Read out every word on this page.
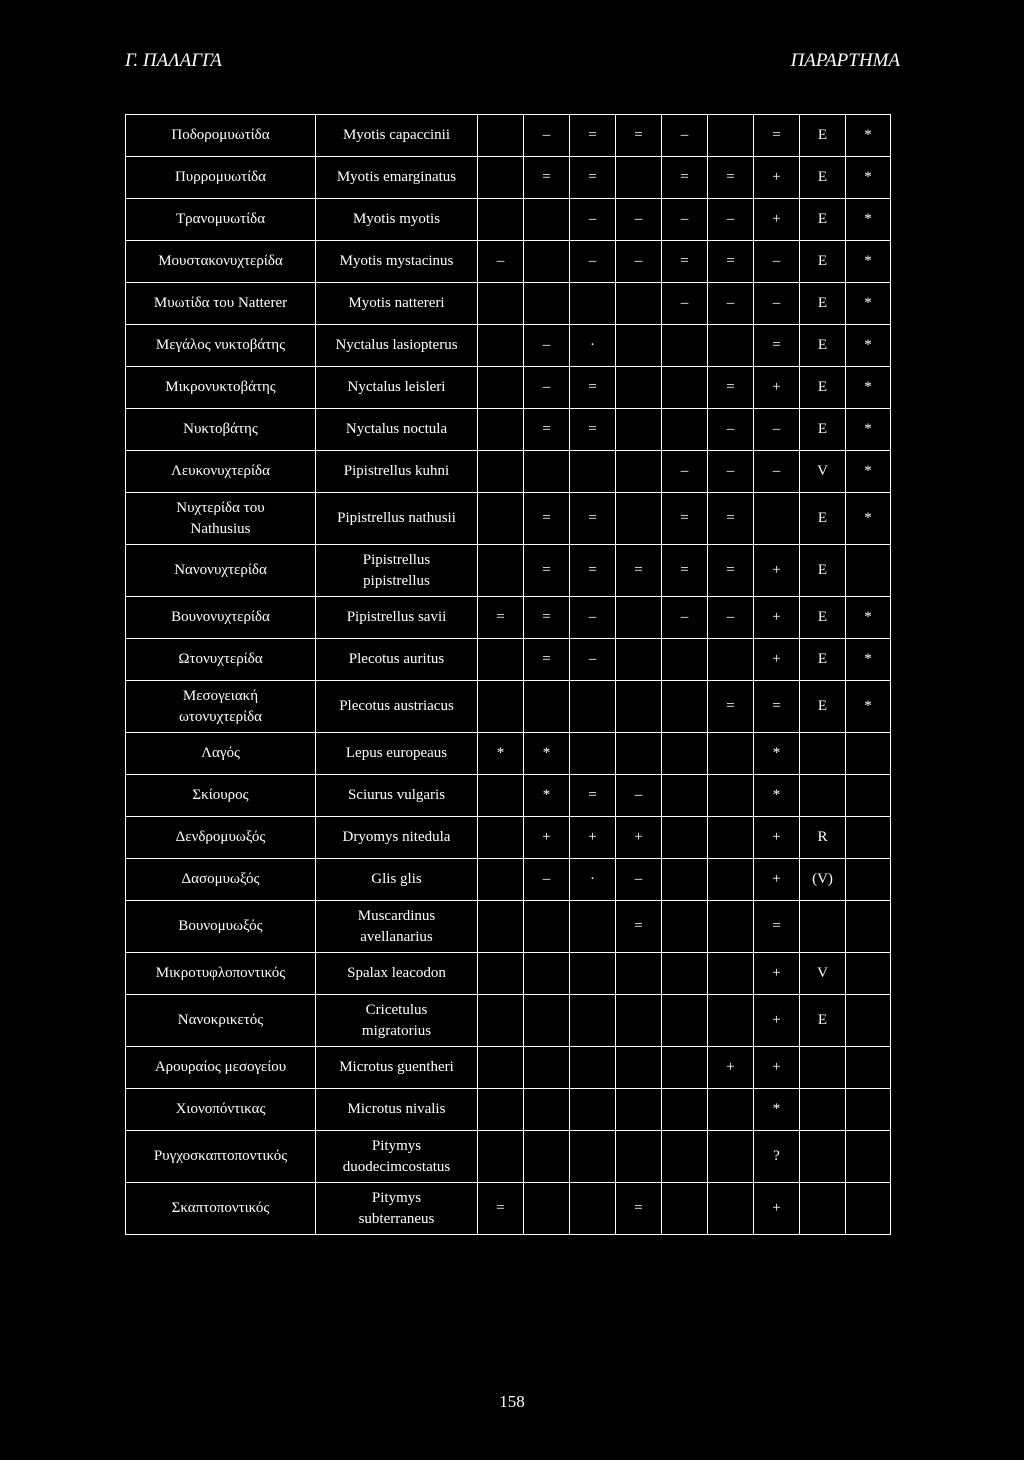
Γ. ΠΑΛΑΓΓΑ	ΠΑΡΑΡΤΗΜΑ
Ποδορομυωτίδα	Myotis capaccinii		–	=	=	–		=	E	*
Πυρρομυωτίδα	Myotis emarginatus		=	=		=	=	+	E	*
Τρανομυωτίδα	Myotis myotis			–	–	–	–	+	E	*
Μουστακονυχτερίδα	Myotis mystacinus	–		–	–	=	=	–	E	*
Μυωτίδα του Natterer	Myotis nattereri					–	–	–	E	*
Μεγάλος νυκτοβάτης	Nyctalus lasiopterus		–	·				=	E	*
Μικρονυκτοβάτης	Nyctalus leisleri		–	=			=	+	E	*
Νυκτοβάτης	Nyctalus noctula		=	=			–	–	E	*
Λευκονυχτερίδα	Pipistrellus kuhni					–	–	–	V	*
Νυχτερίδα του
Nathusius	Pipistrellus nathusii		=	=		=	=		E	*
Νανονυχτερίδα	Pipistrellus
pipistrellus		=	=	=	=	=	+	E	
Βουνονυχτερίδα	Pipistrellus savii	=	=	–		–	–	+	E	*
Ωτονυχτερίδα	Plecotus auritus		=	–				+	E	*
Μεσογειακή
ωτονυχτερίδα	Plecotus austriacus						=	=	E	*
Λαγός	Lepus europeaus	*	*					*		
Σκίουρος	Sciurus vulgaris		*	=	–			*		
Δενδρομυωξός	Dryomys nitedula		+	+	+			+	R	
Δασομυωξός	Glis glis		–	·	–			+	(V)	
Βουνομυωξός	Muscardinus
avellanarius				=			=		
Μικροτυφλοποντικός	Spalax leacodon							+	V	
Νανοκρικετός	Cricetulus
migratorius							+	E	
Αρουραίος μεσογείου	Microtus guentheri						+	+		
Χιονοπόντικας	Microtus nivalis							*		
Ρυγχοσκαπτοποντικός	Pitymys
duodecimcostatus							?		
Σκαπτοποντικός	Pitymys
subterraneus	=			=			+		
158
